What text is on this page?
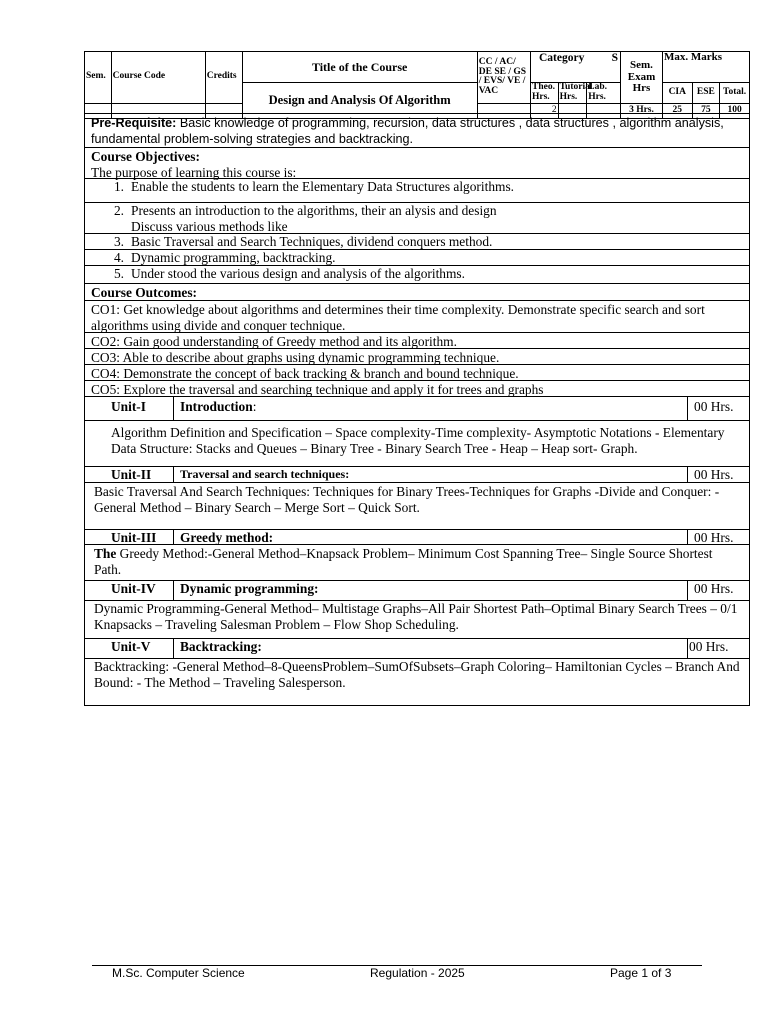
Sem.	Course Code	Credits	Title of the Course	CC / AC/ DE SE / GS / EVS/ VE / VAC	Category S			Sem. Exam Hrs	Max. Marks		
			Design and Analysis Of Algorithm		Theo. Hrs.	Tutorial Hrs.	Lab. Hrs.		CIA	ESE	Total.
					2			3 Hrs.	25	75	100
Pre-Requisite: Basic knowledge of programming, recursion, data structures , data structures , algorithm analysis, fundamental problem-solving strategies and backtracking.
Course Objectives:
The purpose of learning this course is:
1. Enable the students to learn the Elementary Data Structures algorithms.
2. Presents an introduction to the algorithms, their an alysis and design
Discuss various methods like
3. Basic Traversal and Search Techniques, dividend conquers method.
4. Dynamic programming, backtracking.
5. Under stood the various design and analysis of the algorithms.
Course Outcomes:
CO1: Get knowledge about algorithms and determines their time complexity. Demonstrate specific search and sort algorithms using divide and conquer technique.
CO2: Gain good understanding of Greedy method and its algorithm.
CO3: Able to describe about graphs using dynamic programming technique.
CO4: Demonstrate the concept of back tracking & branch and bound technique.
CO5: Explore the traversal and searching technique and apply it for trees and graphs
Unit-I	Introduction:	00 Hrs.
Algorithm Definition and Specification – Space complexity-Time complexity- Asymptotic Notations - Elementary Data Structure: Stacks and Queues – Binary Tree - Binary Search Tree - Heap – Heap sort- Graph.
Unit-II	Traversal and search techniques:	00 Hrs.
Basic Traversal And Search Techniques: Techniques for Binary Trees-Techniques for Graphs -Divide and Conquer: - General Method – Binary Search – Merge Sort – Quick Sort.
Unit-III	Greedy method:	00 Hrs.
The Greedy Method:-General Method–Knapsack Problem– Minimum Cost Spanning Tree– Single Source Shortest Path.
Unit-IV	Dynamic programming:	00 Hrs.
Dynamic Programming-General Method– Multistage Graphs–All Pair Shortest Path–Optimal Binary Search Trees – 0/1 Knapsacks – Traveling Salesman Problem – Flow Shop Scheduling.
Unit-V	Backtracking:	00 Hrs.
Backtracking: -General Method–8-QueensProblem–SumOfSubsets–Graph Coloring– Hamiltonian Cycles – Branch And Bound: - The Method – Traveling Salesperson.
M.Sc. Computer Science	Regulation - 2025	Page 1 of 3
